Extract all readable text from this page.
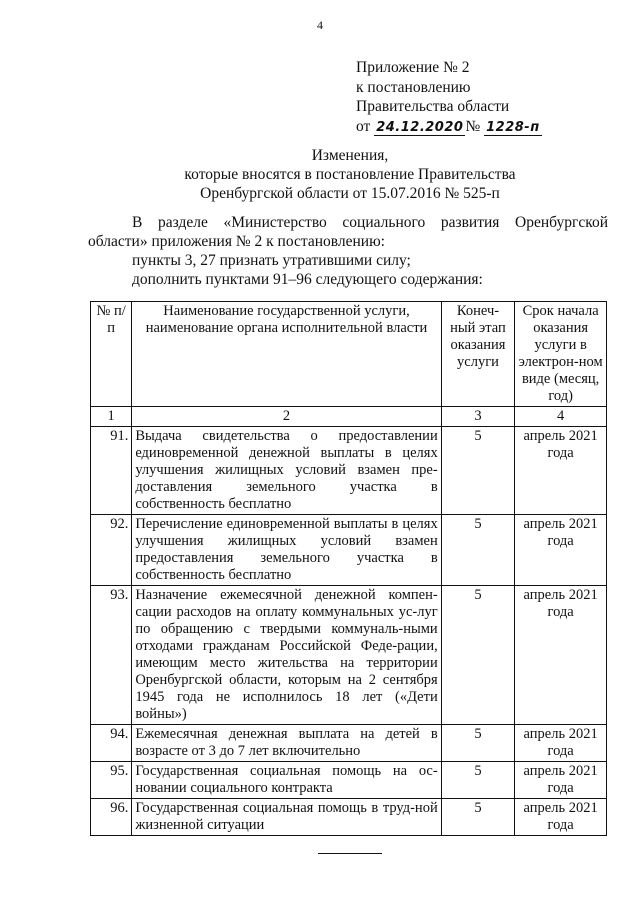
4
Приложение № 2
к постановлению
Правительства области
от 24.12.2020 № 1228-п
Изменения,
которые вносятся в постановление Правительства
Оренбургской области от 15.07.2016 № 525-п
В разделе «Министерство социального развития Оренбургской
области» приложения № 2 к постановлению:
пункты 3, 27 признать утратившими силу;
дополнить пунктами 91–96 следующего содержания:
№ п/п	Наименование государственной услуги, наименование органа исполнительной власти	Конеч-ный этап оказания услуги	Срок начала оказания услуги в электрон-ном виде (месяц, год)
1	2	3	4
91.	Выдача свидетельства о предоставлении единовременной денежной выплаты в целях улучшения жилищных условий взамен пре-доставления земельного участка в собственность бесплатно	5	апрель 2021 года
92.	Перечисление единовременной выплаты в целях улучшения жилищных условий взамен предоставления земельного участка в собственность бесплатно	5	апрель 2021 года
93.	Назначение ежемесячной денежной компен-сации расходов на оплату коммунальных ус-луг по обращению с твердыми коммуналь-ными отходами гражданам Российской Феде-рации, имеющим место жительства на территории Оренбургской области, которым на 2 сентября 1945 года не исполнилось 18 лет («Дети войны»)	5	апрель 2021 года
94.	Ежемесячная денежная выплата на детей в возрасте от 3 до 7 лет включительно	5	апрель 2021 года
95.	Государственная социальная помощь на ос-новании социального контракта	5	апрель 2021 года
96.	Государственная социальная помощь в труд-ной жизненной ситуации	5	апрель 2021 года
